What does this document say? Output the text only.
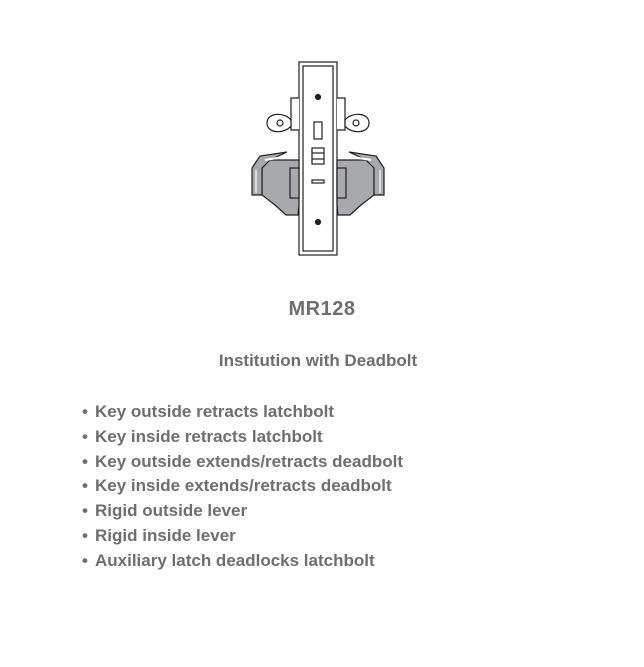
MR128
Institution with Deadbolt
• Key outside retracts latchbolt
• Key inside retracts latchbolt
• Key outside extends/retracts deadbolt
• Key inside extends/retracts deadbolt
• Rigid outside lever
• Rigid inside lever
• Auxiliary latch deadlocks latchbolt
